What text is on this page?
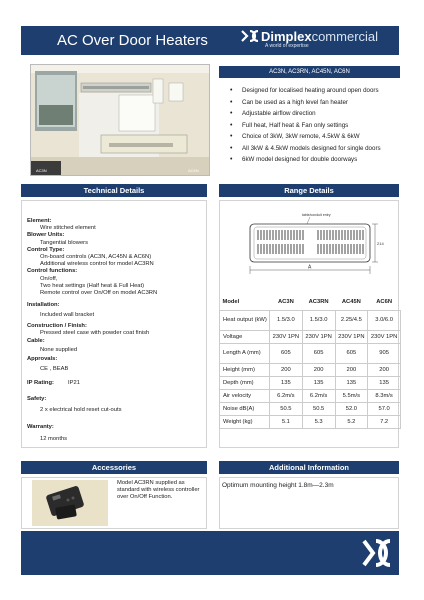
AC Over Door Heaters	Dimplexcommercial
A world of expertise
AC3N	AC6N
AC3N, AC3RN, AC45N, AC6N
• Designed for localised heating around open doors
• Can be used as a high level fan heater
• Adjustable airflow direction
• Full heat, Half heat & Fan only settings
• Choice of 3kW, 3kW remote, 4.5kW & 6kW
• All 3kW & 4.5kW models designed for single doors
• 6kW model designed for double doorways
Technical Details	Range Details
Element:
Wire stitched element
Blower Units:
Tangential blowers
Control Type:
On-board controls (AC3N, AC45N & AC6N)
Additional wireless control for model AC3RN
Control functions:
On/off,
Two heat settings (Half heat & Full Heat)
Remote control over On/Off on model AC3RN
Installation:
Included wall bracket
Construction / Finish:
Pressed steel case with powder coat finish
Cable:
None supplied
Approvals:
CE , BEAB
IP Rating:	IP21
Safety:
2 x electrical hold reset cut-outs
Warranty:
12 months
table/conduit entry
214
A
Model	AC3N	AC3RN	AC45N	AC6N
Heat output (kW)	1.5/3.0	1.5/3.0	2.25/4.5	3.0/6.0
Voltage	230V 1PN	230V 1PN	230V 1PN	230V 1PN
Length A (mm)	605	605	605	905
Height (mm)	200	200	200	200
Depth (mm)	135	135	135	135
Air velocity	6.2m/s	6.2m/s	5.5m/s	8.3m/s
Noise dB(A)	50.5	50.5	52.0	57.0
Weight (kg)	5.1	5.3	5.2	7.2
Accessories	Additional Information
Model AC3RN supplied as standard with wireless controller over On/Off Function.
Optimum mounting height 1.8m—2.3m
